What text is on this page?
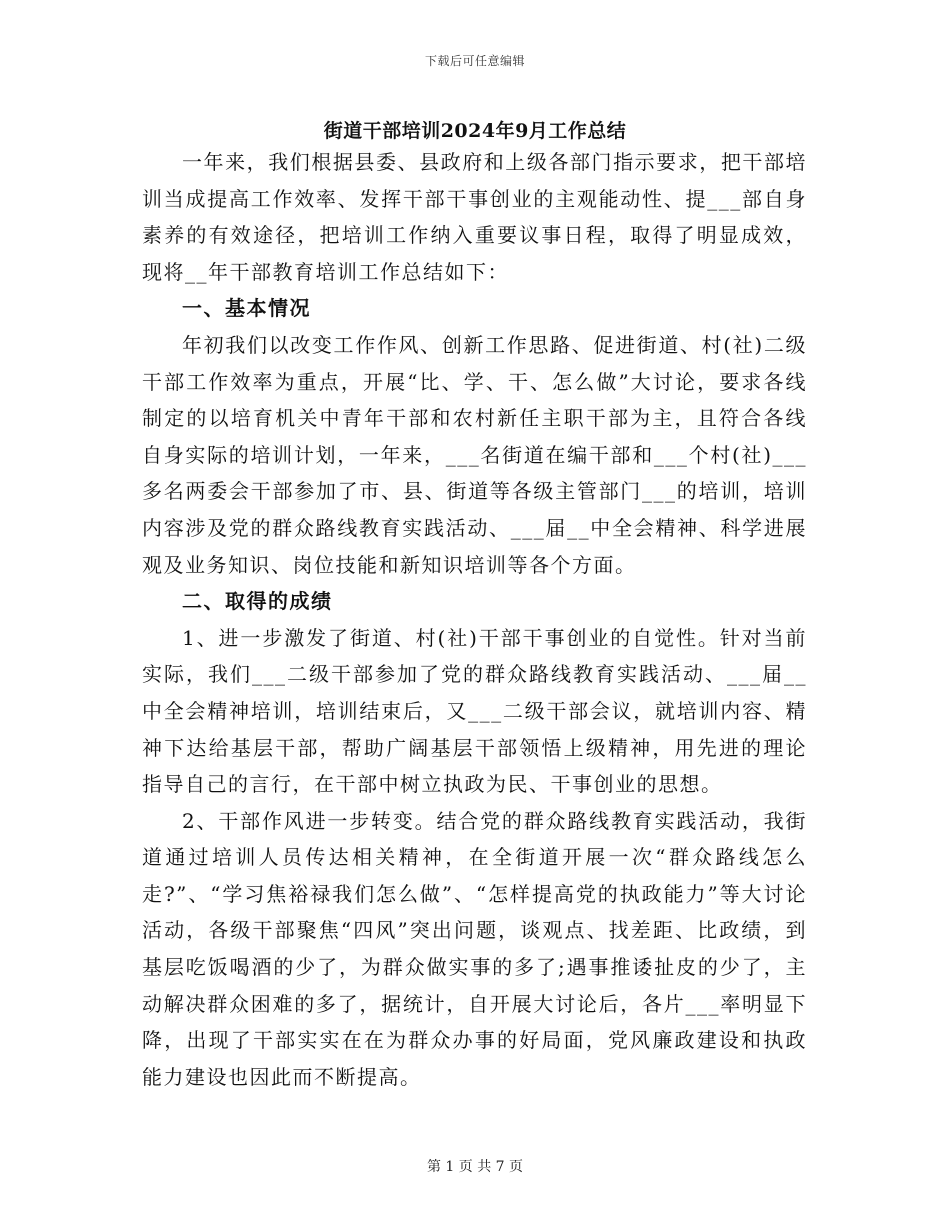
下载后可任意编辑
街道干部培训2024年9月工作总结

一年来，我们根据县委、县政府和上级各部门指示要求，把干部培训当成提高工作效率、发挥干部干事创业的主观能动性、提___部自身素养的有效途径，把培训工作纳入重要议事日程，取得了明显成效，现将__年干部教育培训工作总结如下：

一、基本情况

年初我们以改变工作作风、创新工作思路、促进街道、村(社)二级干部工作效率为重点，开展“比、学、干、怎么做”大讨论，要求各线制定的以培育机关中青年干部和农村新任主职干部为主，且符合各线自身实际的培训计划，一年来，___名街道在编干部和___个村(社)___多名两委会干部参加了市、县、街道等各级主管部门___的培训，培训内容涉及党的群众路线教育实践活动、___届__中全会精神、科学进展观及业务知识、岗位技能和新知识培训等各个方面。

二、取得的成绩

1、进一步激发了街道、村(社)干部干事创业的自觉性。针对当前实际，我们___二级干部参加了党的群众路线教育实践活动、___届__中全会精神培训，培训结束后，又___二级干部会议，就培训内容、精神下达给基层干部，帮助广阔基层干部领悟上级精神，用先进的理论指导自己的言行，在干部中树立执政为民、干事创业的思想。

2、干部作风进一步转变。结合党的群众路线教育实践活动，我街道通过培训人员传达相关精神，在全街道开展一次“群众路线怎么走?”、“学习焦裕禄我们怎么做”、“怎样提高党的执政能力”等大讨论活动，各级干部聚焦“四风”突出问题，谈观点、找差距、比政绩，到基层吃饭喝酒的少了，为群众做实事的多了;遇事推诿扯皮的少了，主动解决群众困难的多了，据统计，自开展大讨论后，各片___率明显下降，出现了干部实实在在为群众办事的好局面，党风廉政建设和执政能力建设也因此而不断提高。

第 1 页 共 7 页
